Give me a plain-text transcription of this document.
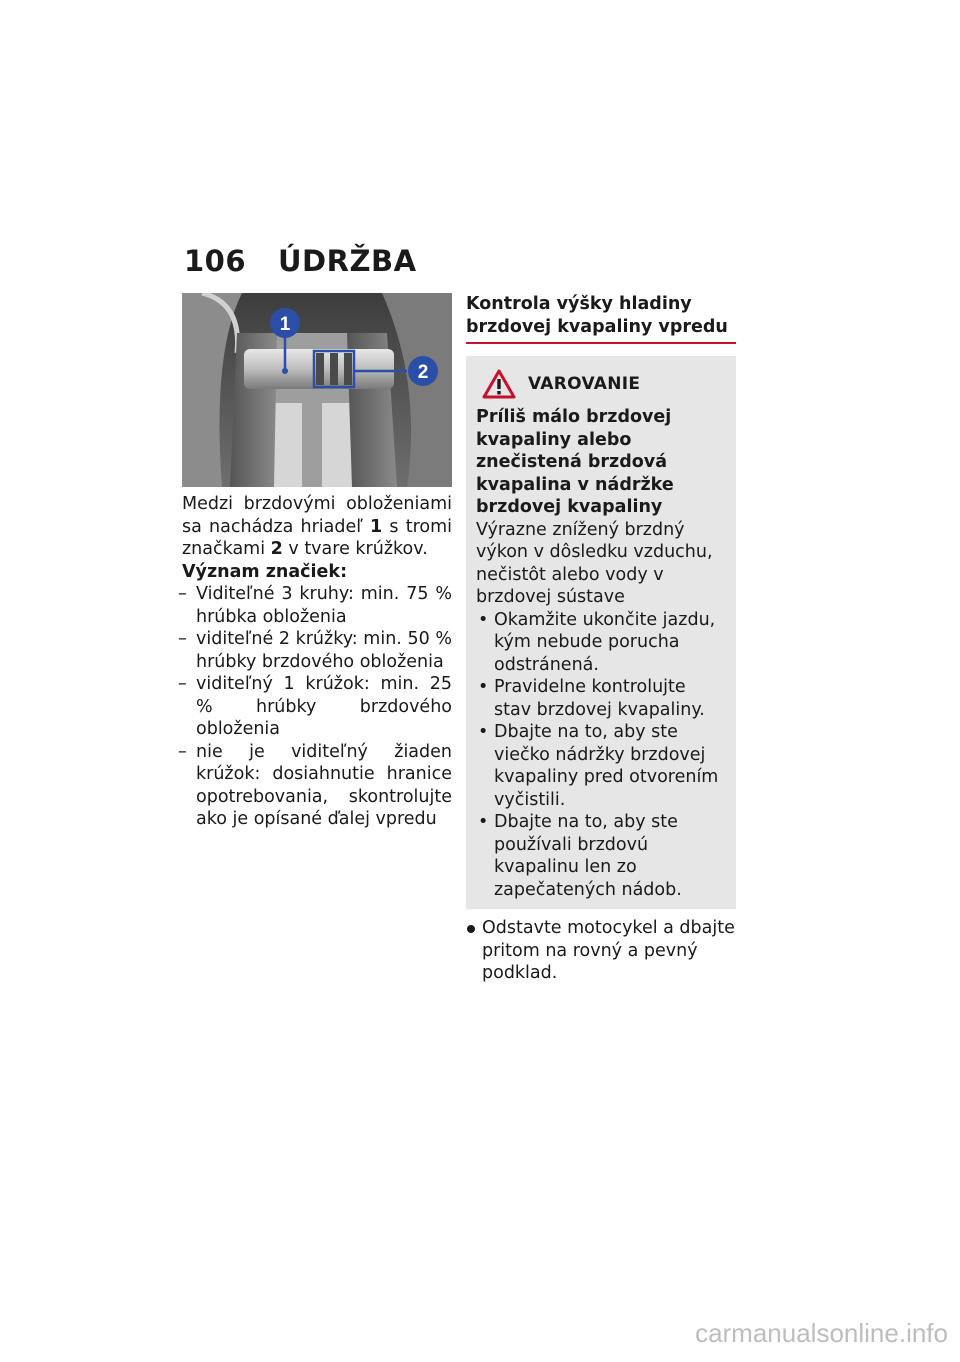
106 ÚDRŽBA
1
2
Medzi brzdovými obloženiami sa nachádza hriadeľ 1 s tromi značkami 2 v tvare krúžkov.
Význam značiek:
– Viditeľné 3 kruhy: min. 75 % hrúbka obloženia
– viditeľné 2 krúžky: min. 50 % hrúbky brzdového obloženia
– viditeľný 1 krúžok: min. 25 % hrúbky brzdového obloženia
– nie je viditeľný žiaden krúžok: dosiahnutie hranice opotrebovania, skontrolujte ako je opísané ďalej vpredu
Kontrola výšky hladiny brzdovej kvapaliny vpredu
VAROVANIE

Príliš málo brzdovej kvapaliny alebo znečistená brzdová kvapalina v nádržke brzdovej kvapaliny

Výrazne znížený brzdný výkon v dôsledku vzduchu, nečistôt alebo vody v brzdovej sústave

• Okamžite ukončite jazdu, kým nebude porucha odstránená.
• Pravidelne kontrolujte stav brzdovej kvapaliny.
• Dbajte na to, aby ste viečko nádržky brzdovej kvapaliny pred otvorením vyčistili.
• Dbajte na to, aby ste používali brzdovú kvapalinu len zo zapečatených nádob.
Odstavte motocykel a dbajte pritom na rovný a pevný podklad.
carmanualsonline.info
